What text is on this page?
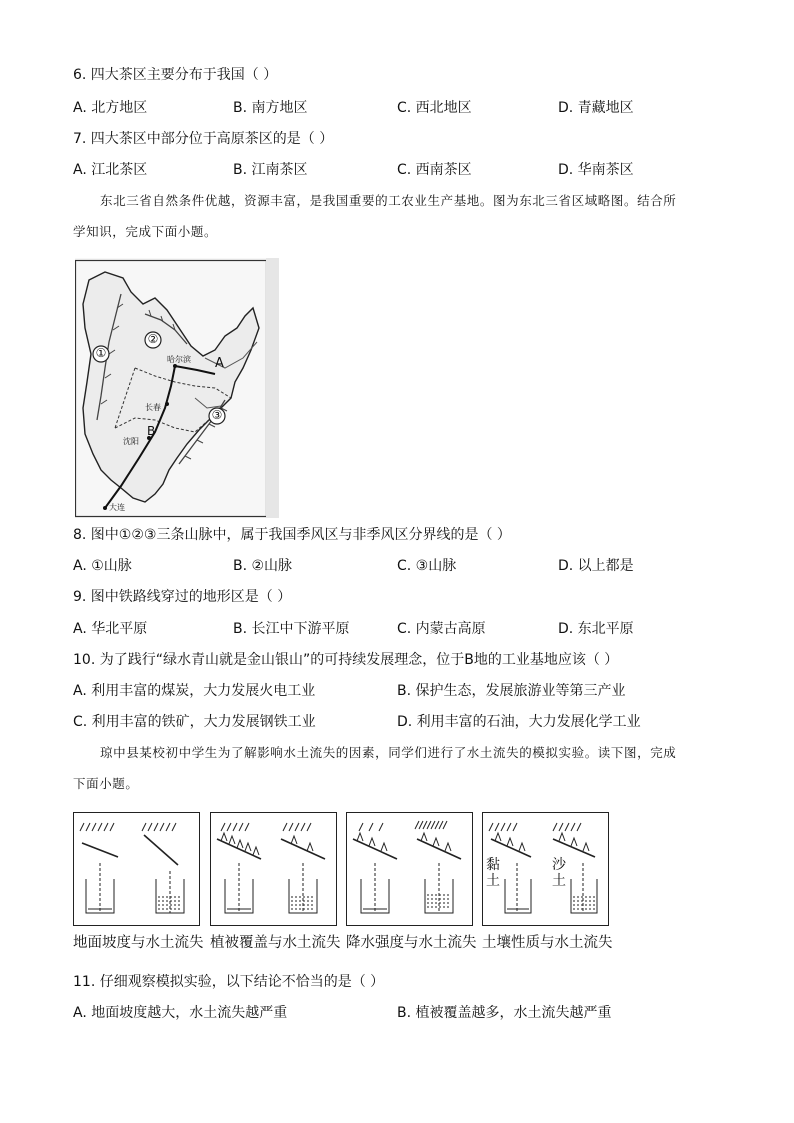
6. 四大茶区主要分布于我国（ ）
A. 北方地区	B. 南方地区	C. 西北地区	D. 青藏地区
7. 四大茶区中部分位于高原茶区的是（ ）
A. 江北茶区	B. 江南茶区	C. 西南茶区	D. 华南茶区
东北三省自然条件优越，资源丰富，是我国重要的工农业生产基地。图为东北三省区域略图。结合所
学知识，完成下面小题。
①
②
③
A
B
哈尔滨
长春
沈阳
大连
8. 图中①②③三条山脉中，属于我国季风区与非季风区分界线的是（ ）
A. ①山脉	B. ②山脉	C. ③山脉	D. 以上都是
9. 图中铁路线穿过的地形区是（ ）
A. 华北平原	B. 长江中下游平原	C. 内蒙古高原	D. 东北平原
10. 为了践行“绿水青山就是金山银山”的可持续发展理念，位于B地的工业基地应该（ ）
A. 利用丰富的煤炭，大力发展火电工业	B. 保护生态，发展旅游业等第三产业
C. 利用丰富的铁矿，大力发展钢铁工业	D. 利用丰富的石油，大力发展化学工业
琼中县某校初中学生为了解影响水土流失的因素，同学们进行了水土流失的模拟实验。读下图，完成
下面小题。
黏
土
沙
土
地面坡度与水土流失 植被覆盖与水土流失 降水强度与水土流失 土壤性质与水土流失
11. 仔细观察模拟实验，以下结论不恰当的是（ ）
A. 地面坡度越大，水土流失越严重	B. 植被覆盖越多，水土流失越严重
